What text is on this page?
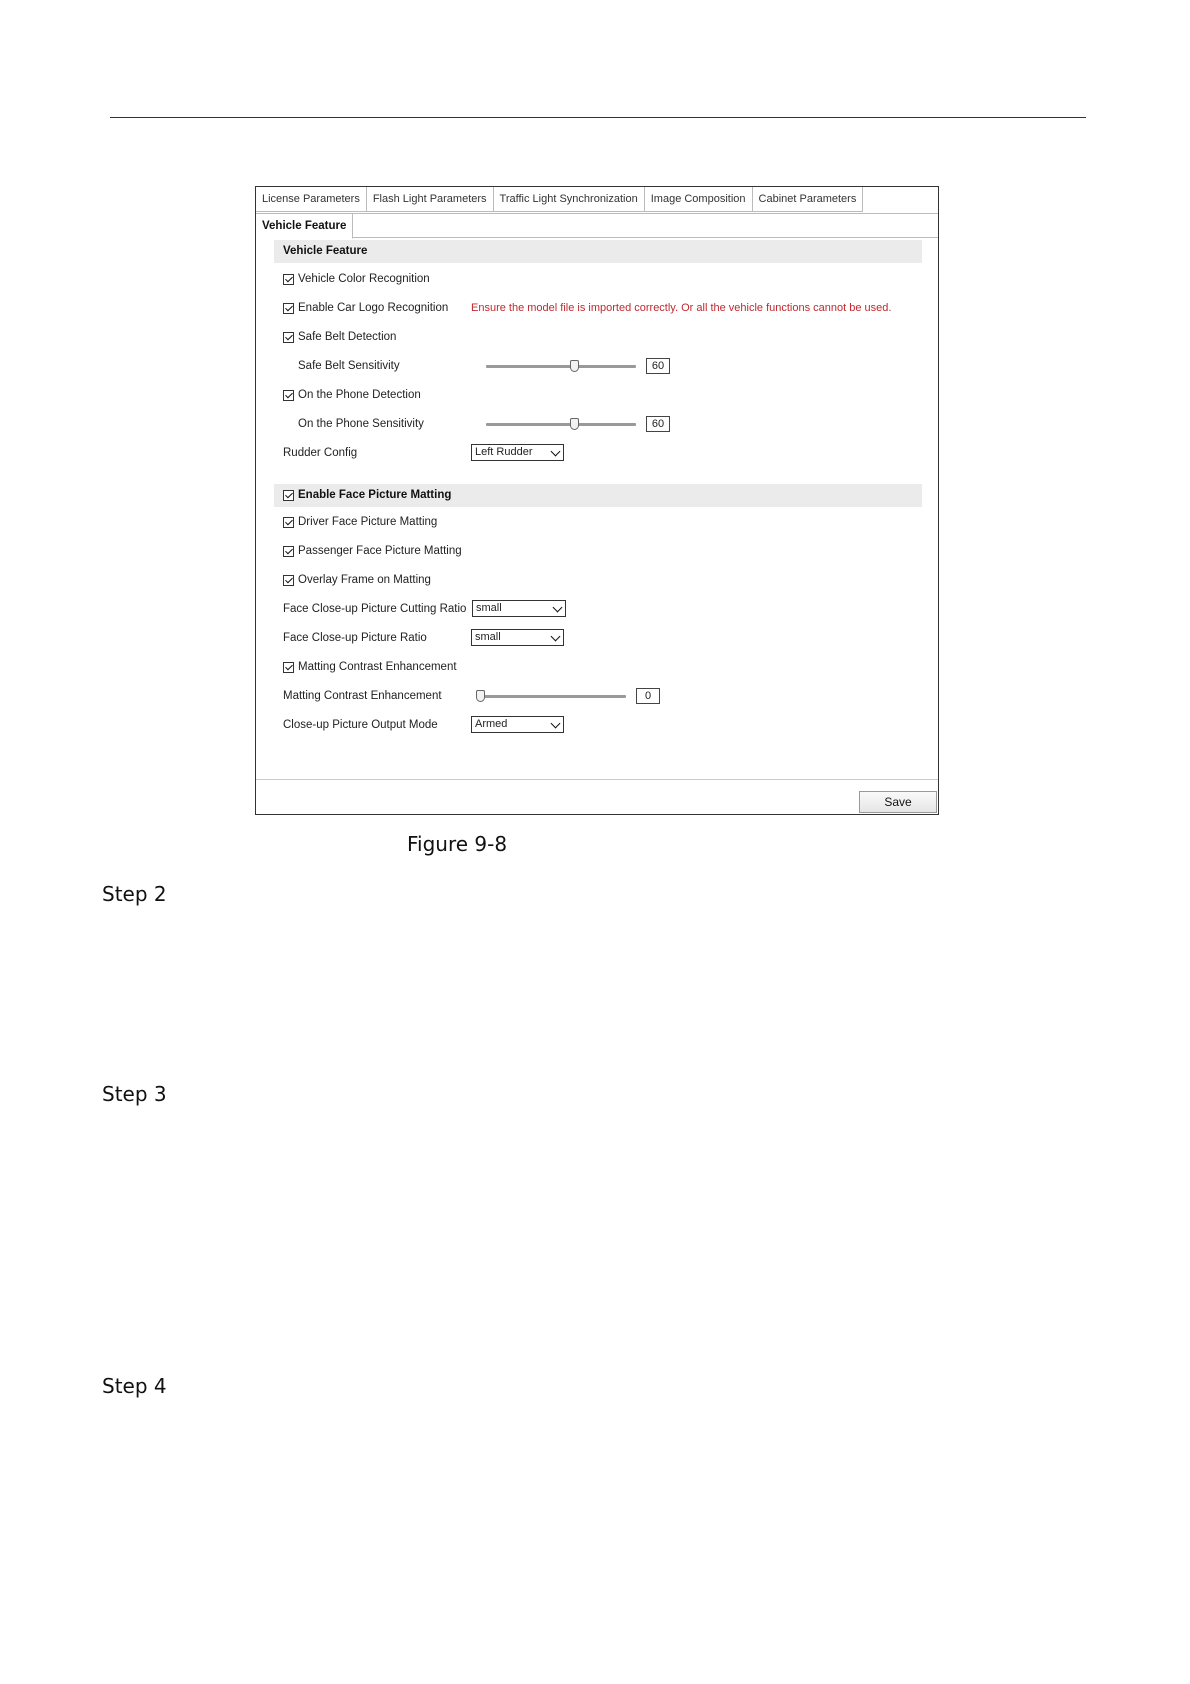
License Parameters	Flash Light Parameters	Traffic Light Synchronization	Image Composition	Cabinet Parameters
Vehicle Feature
Vehicle Feature
Vehicle Color Recognition
Enable Car Logo Recognition Ensure the model file is imported correctly. Or all the vehicle functions cannot be used.
Safe Belt Detection
Safe Belt Sensitivity	60
On the Phone Detection
On the Phone Sensitivity	60
Rudder Config	Left Rudder
Enable Face Picture Matting
Driver Face Picture Matting
Passenger Face Picture Matting
Overlay Frame on Matting
Face Close-up Picture Cutting Ratio small
Face Close-up Picture Ratio	small
Matting Contrast Enhancement
Matting Contrast Enhancement	0
Close-up Picture Output Mode	Armed
Save
Figure 9-8
Step 2
Step 3
Step 4
